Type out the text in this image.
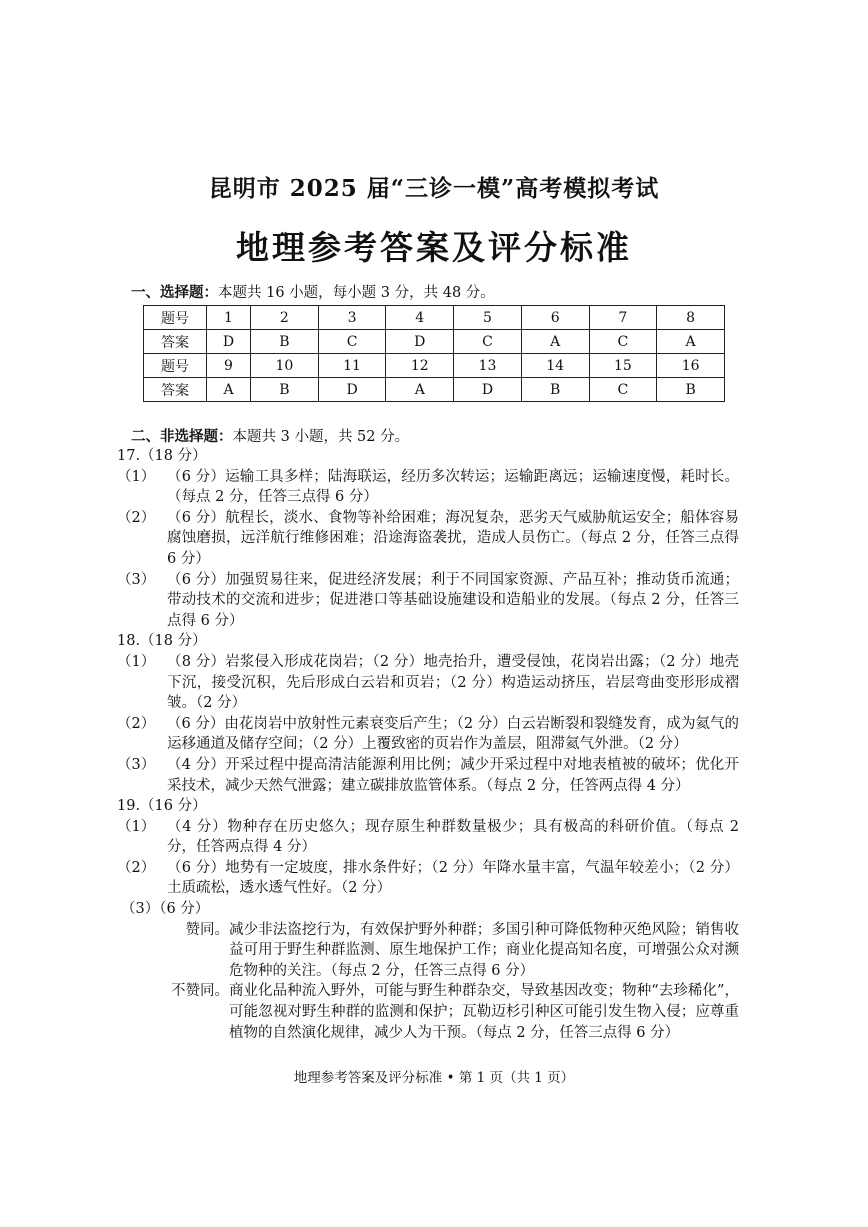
昆明市 2025 届“三诊一模”高考模拟考试
地理参考答案及评分标准
一、选择题：本题共 16 小题，每小题 3 分，共 48 分。
题号	1	2	3	4	5	6	7	8
答案	D	B	C	D	C	A	C	A
题号	9	10	11	12	13	14	15	16
答案	A	B	D	A	D	B	C	B
二、非选择题：本题共 3 小题，共 52 分。
17.（18 分）
（1） （6 分）运输工具多样；陆海联运，经历多次转运；运输距离远；运输速度慢，耗时长。（每点 2 分，任答三点得 6 分）
（2） （6 分）航程长，淡水、食物等补给困难；海况复杂，恶劣天气威胁航运安全；船体容易腐蚀磨损，远洋航行维修困难；沿途海盗袭扰，造成人员伤亡。（每点 2 分，任答三点得 6 分）
（3） （6 分）加强贸易往来，促进经济发展；利于不同国家资源、产品互补；推动货币流通；带动技术的交流和进步；促进港口等基础设施建设和造船业的发展。（每点 2 分，任答三点得 6 分）
18.（18 分）
（1） （8 分）岩浆侵入形成花岗岩；（2 分）地壳抬升，遭受侵蚀，花岗岩出露；（2 分）地壳下沉，接受沉积，先后形成白云岩和页岩；（2 分）构造运动挤压，岩层弯曲变形形成褶皱。（2 分）
（2） （6 分）由花岗岩中放射性元素衰变后产生；（2 分）白云岩断裂和裂缝发育，成为氦气的运移通道及储存空间；（2 分）上覆致密的页岩作为盖层，阻滞氦气外泄。（2 分）
（3） （4 分）开采过程中提高清洁能源利用比例；减少开采过程中对地表植被的破坏；优化开采技术，减少天然气泄露；建立碳排放监管体系。（每点 2 分，任答两点得 4 分）
19.（16 分）
（1） （4 分）物种存在历史悠久；现存原生种群数量极少；具有极高的科研价值。（每点 2 分，任答两点得 4 分）
（2） （6 分）地势有一定坡度，排水条件好；（2 分）年降水量丰富，气温年较差小；（2 分）土质疏松，透水透气性好。（2 分）
（3）（6 分）
赞同。 减少非法盗挖行为，有效保护野外种群；多国引种可降低物种灭绝风险；销售收益可用于野生种群监测、原生地保护工作；商业化提高知名度，可增强公众对濒危物种的关注。（每点 2 分，任答三点得 6 分）
不赞同。 商业化品种流入野外，可能与野生种群杂交，导致基因改变；物种“去珍稀化”，可能忽视对野生种群的监测和保护；瓦勒迈杉引种区可能引发生物入侵；应尊重植物的自然演化规律，减少人为干预。（每点 2 分，任答三点得 6 分）
地理参考答案及评分标准 • 第 1 页（共 1 页）
